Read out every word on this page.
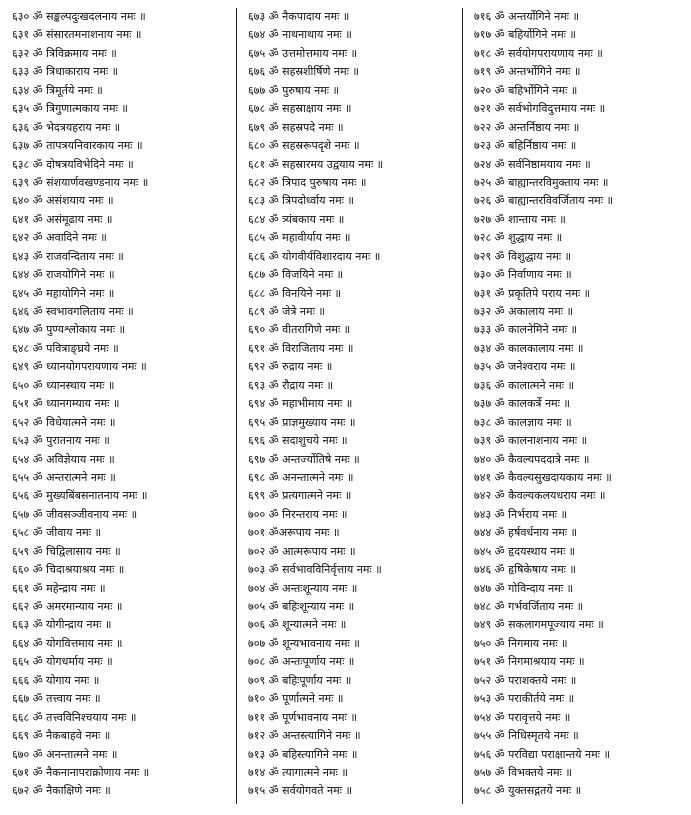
६३० ॐ सङ्कल्पदुःखदलनाय नमः ॥
६३१ ॐ संसारतमनाशनाय नमः ॥
६३२ ॐ त्रिविक्रमाय नमः ॥
६३३ ॐ त्रिधाकाराय नमः ॥
६३४ ॐ त्रिमूर्तये नमः ॥
६३५ ॐ त्रिगुणात्मकाय नमः ॥
६३६ ॐ भेदत्रयहराय नमः ॥
६३७ ॐ तापत्रयनिवारकाय नमः ॥
६३८ ॐ दोषत्रयविभेदिने नमः ॥
६३९ ॐ संशयार्णवखण्डनाय नमः ॥
६४० ॐ असंशयाय नमः ॥
६४१ ॐ असंमूढाय नमः ॥
६४२ ॐ अवादिने नमः ॥
६४३ ॐ राजवन्दिताय नमः ॥
६४४ ॐ राजयोगिने नमः ॥
६४५ ॐ महायोगिने नमः ॥
६४६ ॐ स्वभावगलिताय नमः ॥
६४७ ॐ पुण्यश्लोकाय नमः ॥
६४८ ॐ पवित्राङ्घ्रये नमः ॥
६४९ ॐ ध्यानयोगपरायणाय नमः ॥
६५० ॐ ध्यानस्थाय नमः ॥
६५१ ॐ ध्यानगम्याय नमः ॥
६५२ ॐ विधेयात्मने नमः ॥
६५३ ॐ पुरातनाय नमः ॥
६५४ ॐ अविज्ञेयाय नमः ॥
६५५ ॐ अन्तरात्मने नमः ॥
६५६ ॐ मुख्यबिंबसनातनाय नमः ॥
६५७ ॐ जीवसञ्जीवनाय नमः ॥
६५८ ॐ जीवाय नमः ॥
६५९ ॐ चिद्विलासाय नमः ॥
६६० ॐ चिदाश्रयाश्रय नमः ॥
६६१ ॐ महेन्द्राय नमः ॥
६६२ ॐ अमरमान्याय नमः ॥
६६३ ॐ योगीन्द्राय नमः ॥
६६४ ॐ योगवित्तमाय नमः ॥
६६५ ॐ योगधर्माय नमः ॥
६६६ ॐ योगाय नमः ॥
६६७ ॐ तत्त्वाय नमः ॥
६६८ ॐ तत्त्वविनिश्चयाय नमः ॥
६६९ ॐ नैकबाहवे नमः ॥
६७० ॐ अनन्तात्मने नमः ॥
६७१ ॐ नैकनानापराक्रोणाय नमः ॥
६७२ ॐ नैकाक्षिणे नमः ॥
६७३ ॐ नैकपादाय नमः ॥
६७४ ॐ नाथनाथाय नमः ॥
६७५ ॐ उत्तमोत्तमाय नमः ॥
६७६ ॐ सहस्रशीर्षिणे नमः ॥
६७७ ॐ पुरुषाय नमः ॥
६७८ ॐ सहस्राक्षाय नमः ॥
६७९ ॐ सहस्रपदे नमः ॥
६८० ॐ सहस्ररूपदृशे नमः ॥
६८१ ॐ सहस्रारमय उद्वयाय नमः ॥
६८२ ॐ त्रिपाद पुरुषाय नमः ॥
६८३ ॐ त्रिपदोर्ध्वाय नमः ॥
६८४ ॐ त्र्यंबकाय नमः ॥
६८५ ॐ महावीर्याय नमः ॥
६८६ ॐ योगवीर्यविशारदाय नमः ॥
६८७ ॐ विजयिने नमः ॥
६८८ ॐ विनयिने नमः ॥
६८९ ॐ जेत्रे नमः ॥
६९० ॐ वीतरागिणे नमः ॥
६९१ ॐ विराजिताय नमः ॥
६९२ ॐ रुद्राय नमः ॥
६९३ ॐ रौद्राय नमः ॥
६९४ ॐ महाभीमाय नमः ॥
६९५ ॐ प्राज्ञमुख्याय नमः ॥
६९६ ॐ सदाशुचये नमः ॥
६९७ ॐ अन्तर्ज्योतिषे नमः ॥
६९८ ॐ अनन्तात्मने नमः ॥
६९९ ॐ प्रत्यगात्मने नमः ॥
७०० ॐ निरन्तराय नमः ॥
७०१ ॐअरूपाय नमः ॥
७०२ ॐ आत्मरूपाय नमः ॥
७०३ ॐ सर्वभावविनिर्वृत्ताय नमः ॥
७०४ ॐ अन्तःशून्याय नमः ॥
७०५ ॐ बहिःशून्याय नमः ॥
७०६ ॐ शून्यात्मने नमः ॥
७०७ ॐ शून्यभावनाय नमः ॥
७०८ ॐ अन्तःपूर्णाय नमः ॥
७०९ ॐ बहिःपूर्णाय नमः ॥
७१० ॐ पूर्णात्मने नमः ॥
७११ ॐ पूर्णभावनाय नमः ॥
७१२ ॐ अन्तस्त्यागिने नमः ॥
७१३ ॐ बहिस्त्यागिने नमः ॥
७१४ ॐ त्यागात्मने नमः ॥
७१५ ॐ सर्वयोगवते नमः ॥
७१६ ॐ अन्तर्योगिने नमः ॥
७१७ ॐ बहिर्योगिने नमः ॥
७१८ ॐ सर्वयोगपरायणाय नमः ॥
७१९ ॐ अन्तर्भोगिने नमः ॥
७२० ॐ बहिर्भोगिने नमः ॥
७२१ ॐ सर्वभोगविदुत्तमाय नमः ॥
७२२ ॐ अन्तर्निष्ठाय नमः ॥
७२३ ॐ बहिर्निष्ठाय नमः ॥
७२४ ॐ सर्वनिष्ठामयाय नमः ॥
७२५ ॐ बाह्यान्तरविमुक्ताय नमः ॥
७२६ ॐ बाह्यान्तरविवर्जिताय नमः ॥
७२७ ॐ शान्ताय नमः ॥
७२८ ॐ शुद्धाय नमः ॥
७२९ ॐ विशुद्धाय नमः ॥
७३० ॐ निर्वाणाय नमः ॥
७३१ ॐ प्रकृतिपे पराय नमः ॥
७३२ ॐ अकालाय नमः ॥
७३३ ॐ कालनेमिने नमः ॥
७३४ ॐ कालकालाय नमः ॥
७३५ ॐ जनेश्वराय नमः ॥
७३६ ॐ कालात्मने नमः ॥
७३७ ॐ कालकर्त्रे नमः ॥
७३८ ॐ कालज्ञाय नमः ॥
७३९ ॐ कालनाशनाय नमः ॥
७४० ॐ कैवल्यपददात्रे नमः ॥
७४१ ॐ कैवल्यसुखदायकाय नमः ॥
७४२ ॐ कैवल्यकलयधराय नमः ॥
७४३ ॐ निर्भराय नमः ॥
७४४ ॐ हर्षवर्धनाय नमः ॥
७४५ ॐ हृदयस्थाय नमः ॥
७४६ ॐ हृषिकेषाय नमः ॥
७४७ ॐ गोविन्दाय नमः ॥
७४८ ॐ गर्भवर्जिताय नमः ॥
७४९ ॐ सकलागमपूज्याय नमः ॥
७५० ॐ निगमाय नमः ॥
७५१ ॐ निगमाश्रयाय नमः ॥
७५२ ॐ पराशक्तये नमः ॥
७५३ ॐ पराकीर्तये नमः ॥
७५४ ॐ परावृत्तये नमः ॥
७५५ ॐ निधिस्मृतये नमः ॥
७५६ ॐ परविद्या पराक्षान्तये नमः ॥
७५७ ॐ विभक्तये नमः ॥
७५८ ॐ युक्तसद्गतये नमः ॥
